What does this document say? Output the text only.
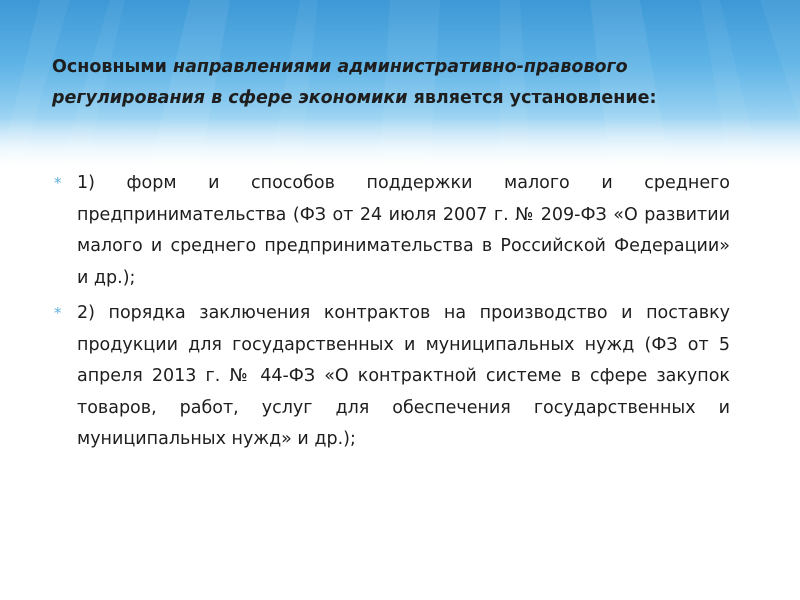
Основными направлениями административно-правового регулирования в сфере экономики является установление:
* 1) форм и способов поддержки малого и среднего предпринимательства (ФЗ от 24 июля 2007 г. № 209-ФЗ «О развитии малого и среднего предпринимательства в Российской Федерации» и др.);

* 2) порядка заключения контрактов на производство и поставку продукции для государственных и муниципальных нужд (ФЗ от 5 апреля 2013 г. № 44-ФЗ «О контрактной системе в сфере закупок товаров, работ, услуг для обеспечения государственных и муниципальных нужд» и др.);
